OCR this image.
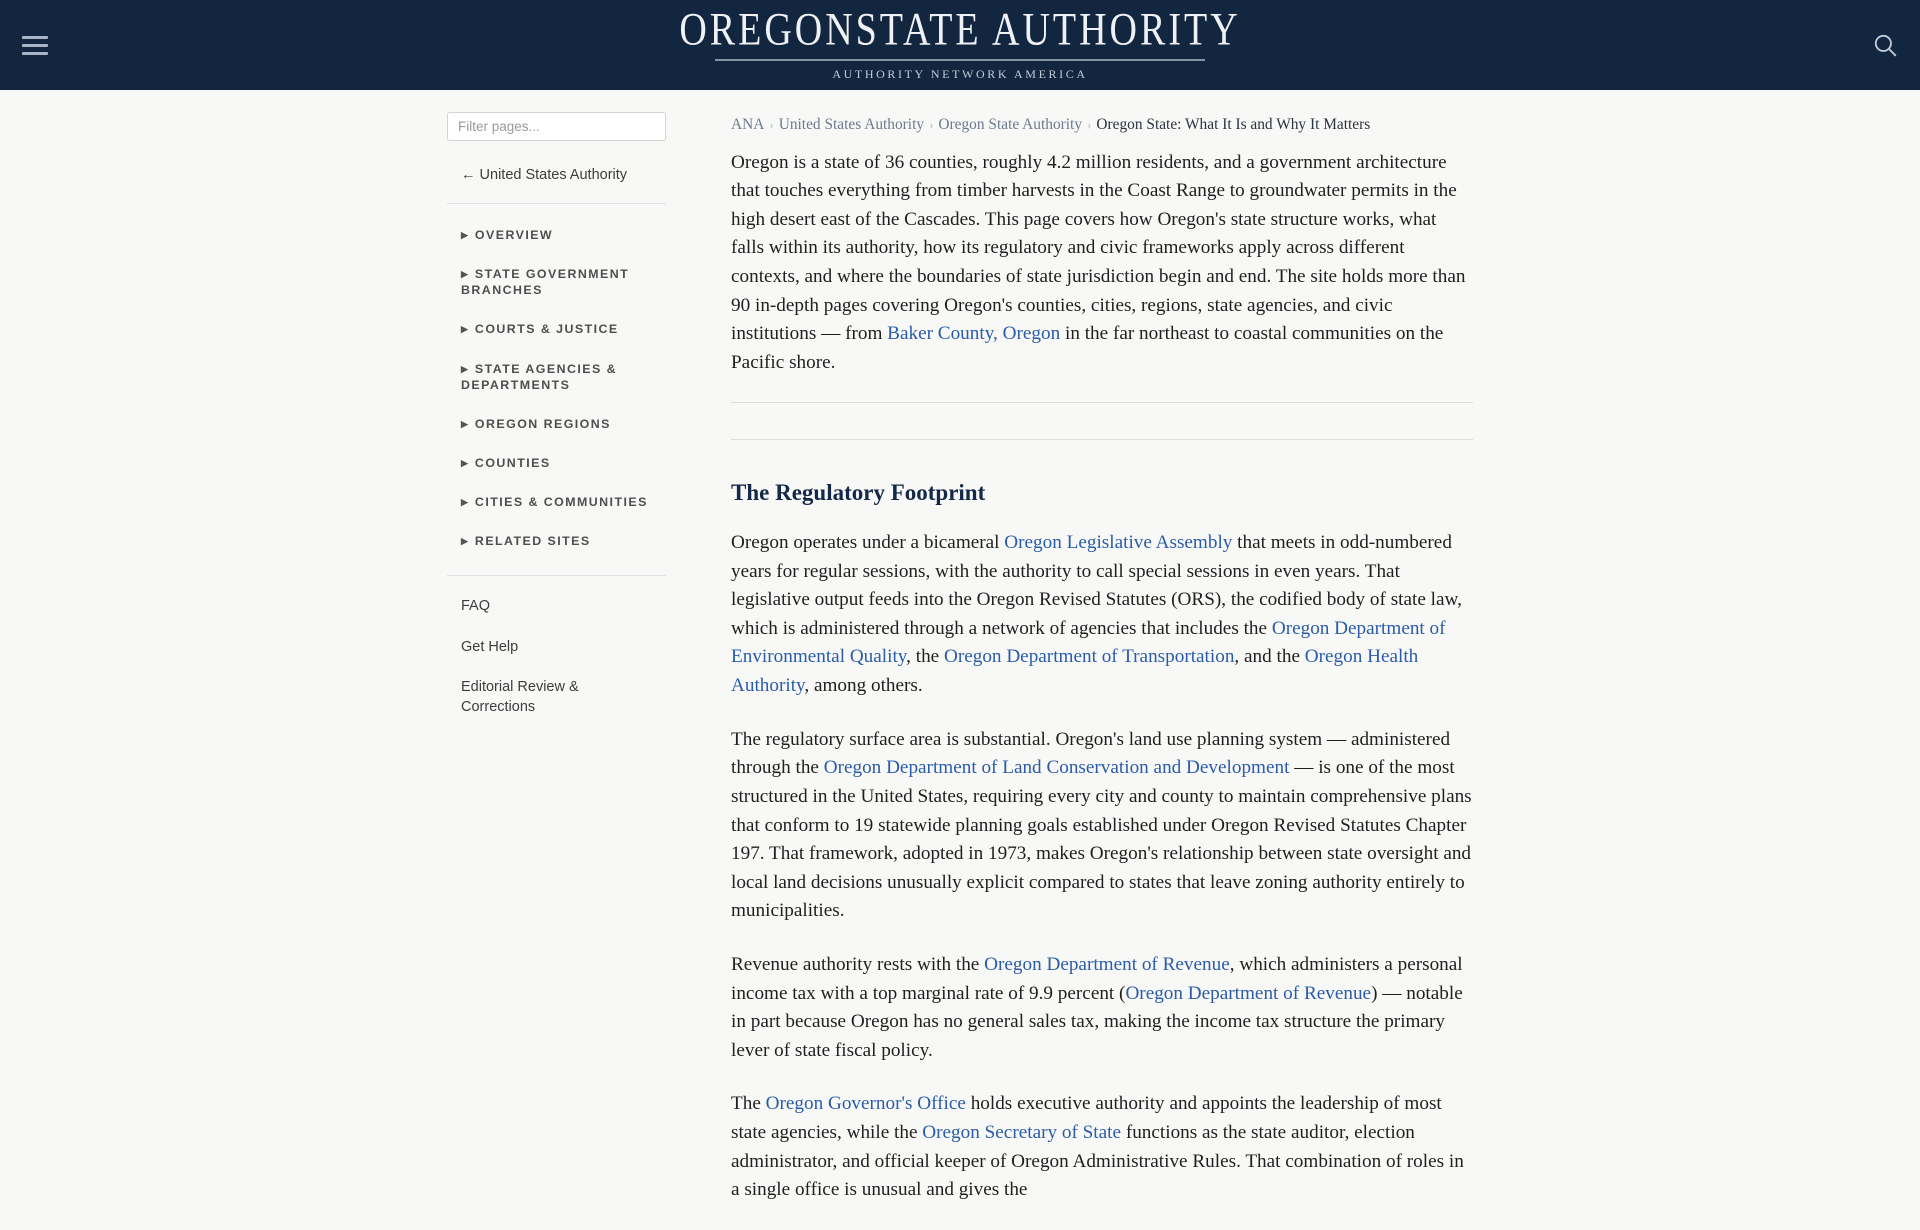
OREGONSTATE AUTHORITY
AUTHORITY NETWORK AMERICA
Filter pages...
← United States Authority
▶ OVERVIEW
▶ STATE GOVERNMENT BRANCHES
▶ COURTS & JUSTICE
▶ STATE AGENCIES & DEPARTMENTS
▶ OREGON REGIONS
▶ COUNTIES
▶ CITIES & COMMUNITIES
▶ RELATED SITES
FAQ
Get Help
Editorial Review & Corrections
ANA › United States Authority › Oregon State Authority › Oregon State: What It Is and Why It Matters

Oregon is a state of 36 counties, roughly 4.2 million residents, and a government architecture that touches everything from timber harvests in the Coast Range to groundwater permits in the high desert east of the Cascades. This page covers how Oregon's state structure works, what falls within its authority, how its regulatory and civic frameworks apply across different contexts, and where the boundaries of state jurisdiction begin and end. The site holds more than 90 in-depth pages covering Oregon's counties, cities, regions, state agencies, and civic institutions — from Baker County, Oregon in the far northeast to coastal communities on the Pacific shore.

The Regulatory Footprint

Oregon operates under a bicameral Oregon Legislative Assembly that meets in odd-numbered years for regular sessions, with the authority to call special sessions in even years. That legislative output feeds into the Oregon Revised Statutes (ORS), the codified body of state law, which is administered through a network of agencies that includes the Oregon Department of Environmental Quality, the Oregon Department of Transportation, and the Oregon Health Authority, among others.

The regulatory surface area is substantial. Oregon's land use planning system — administered through the Oregon Department of Land Conservation and Development — is one of the most structured in the United States, requiring every city and county to maintain comprehensive plans that conform to 19 statewide planning goals established under Oregon Revised Statutes Chapter 197. That framework, adopted in 1973, makes Oregon's relationship between state oversight and local land decisions unusually explicit compared to states that leave zoning authority entirely to municipalities.

Revenue authority rests with the Oregon Department of Revenue, which administers a personal income tax with a top marginal rate of 9.9 percent (Oregon Department of Revenue) — notable in part because Oregon has no general sales tax, making the income tax structure the primary lever of state fiscal policy.

The Oregon Governor's Office holds executive authority and appoints the leadership of most state agencies, while the Oregon Secretary of State functions as the state auditor, election administrator, and official keeper of Oregon Administrative Rules. That combination of roles in a single office is unusual and gives the
